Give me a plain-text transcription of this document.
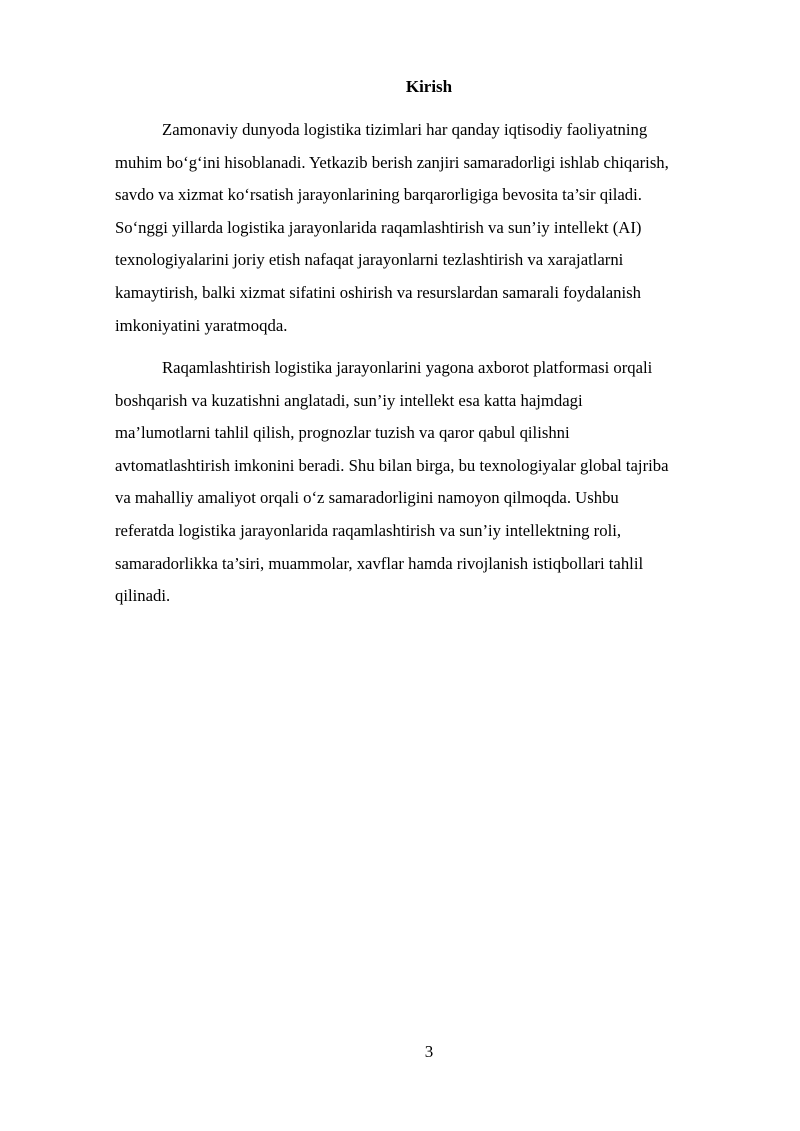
Kirish
Zamonaviy dunyoda logistika tizimlari har qanday iqtisodiy faoliyatning
muhim bo‘g‘ini hisoblanadi. Yetkazib berish zanjiri samaradorligi ishlab chiqarish,
savdo va xizmat ko‘rsatish jarayonlarining barqarorligiga bevosita ta’sir qiladi.
So‘nggi yillarda logistika jarayonlarida raqamlashtirish va sun’iy intellekt (AI)
texnologiyalarini joriy etish nafaqat jarayonlarni tezlashtirish va xarajatlarni
kamaytirish, balki xizmat sifatini oshirish va resurslardan samarali foydalanish
imkoniyatini yaratmoqda.
Raqamlashtirish logistika jarayonlarini yagona axborot platformasi orqali
boshqarish va kuzatishni anglatadi, sun’iy intellekt esa katta hajmdagi
ma’lumotlarni tahlil qilish, prognozlar tuzish va qaror qabul qilishni
avtomatlashtirish imkonini beradi. Shu bilan birga, bu texnologiyalar global tajriba
va mahalliy amaliyot orqali o‘z samaradorligini namoyon qilmoqda. Ushbu
referatda logistika jarayonlarida raqamlashtirish va sun’iy intellektning roli,
samaradorlikka ta’siri, muammolar, xavflar hamda rivojlanish istiqbollari tahlil
qilinadi.
3
